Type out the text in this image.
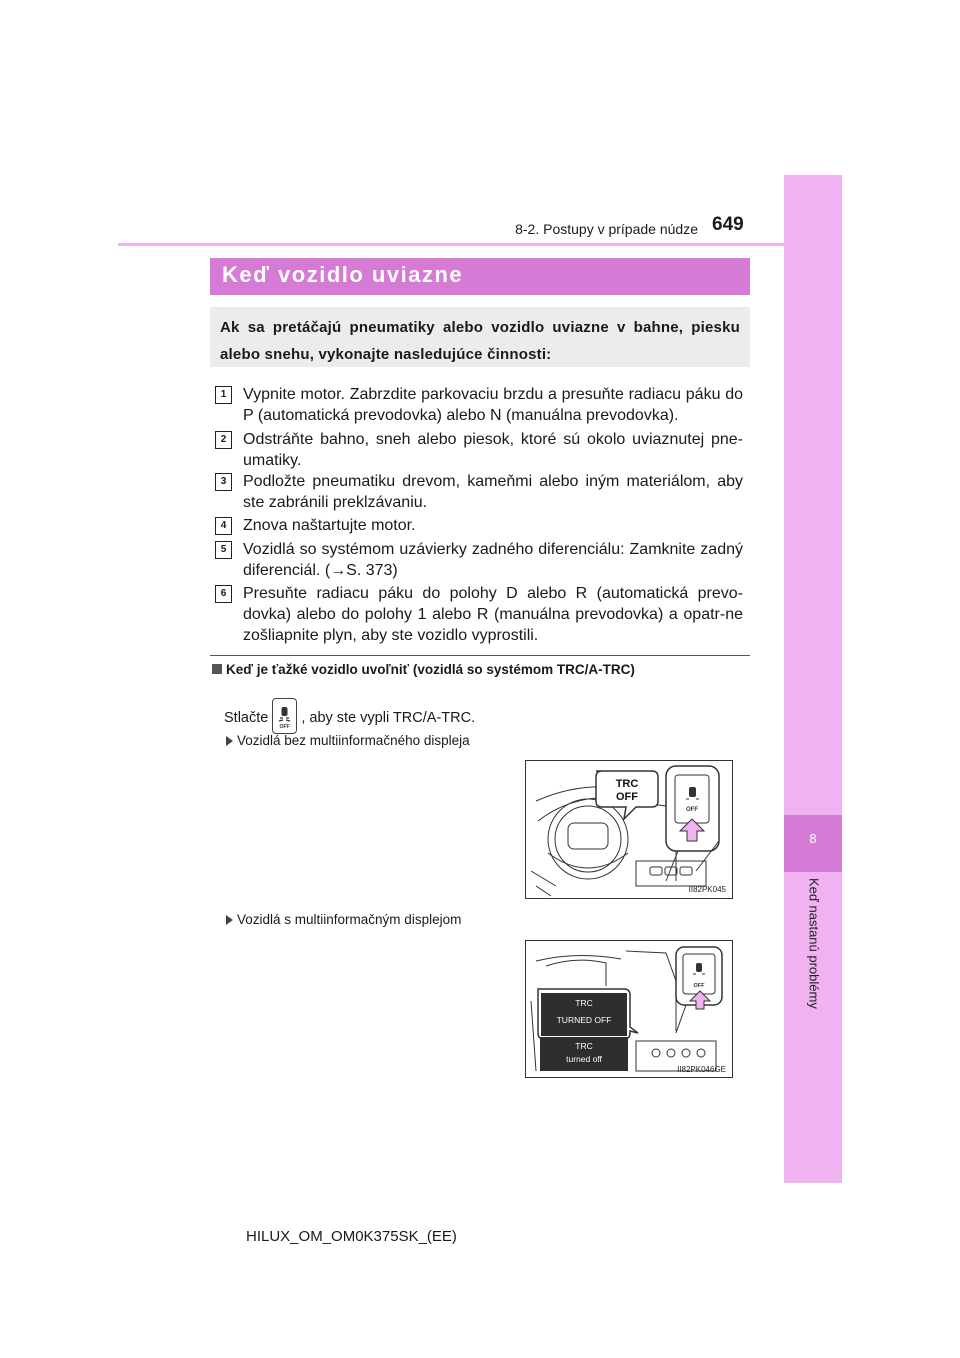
8-2. Postupy v prípade núdze 649
8
Keď nastanú problémy
Keď vozidlo uviazne
Ak sa pretáčajú pneumatiky alebo vozidlo uviazne v bahne, piesku alebo snehu, vykonajte nasledujúce činnosti:
1	Vypnite motor. Zabrzdite parkovaciu brzdu a presuňte radiacu páku do P (automatická prevodovka) alebo N (manuálna prevodovka).
2	Odstráňte bahno, sneh alebo piesok, ktoré sú okolo uviaznutej pne-umatiky.
3	Podložte pneumatiku drevom, kameňmi alebo iným materiálom, aby ste zabránili preklzávaniu.
4	Znova naštartujte motor.
5	Vozidlá so systémom uzávierky zadného diferenciálu: Zamknite zadný diferenciál. (→S. 373)
6	Presuňte radiacu páku do polohy D alebo R (automatická prevo-dovka) alebo do polohy 1 alebo R (manuálna prevodovka) a opatr-ne zošliapnite plyn, aby ste vozidlo vyprostili.
Keď je ťažké vozidlo uvoľniť (vozidlá so systémom TRC/A-TRC)
Stlačte
OFF
, aby ste vypli TRC/A-TRC.
Vozidlá bez multiinformačného displeja
TRC
OFF
OFF
II82PK045
Vozidlá s multiinformačným displejom
OFF
TRC
TURNED OFF
TRC
turned off
II82PK046GE
HILUX_OM_OM0K375SK_(EE)
